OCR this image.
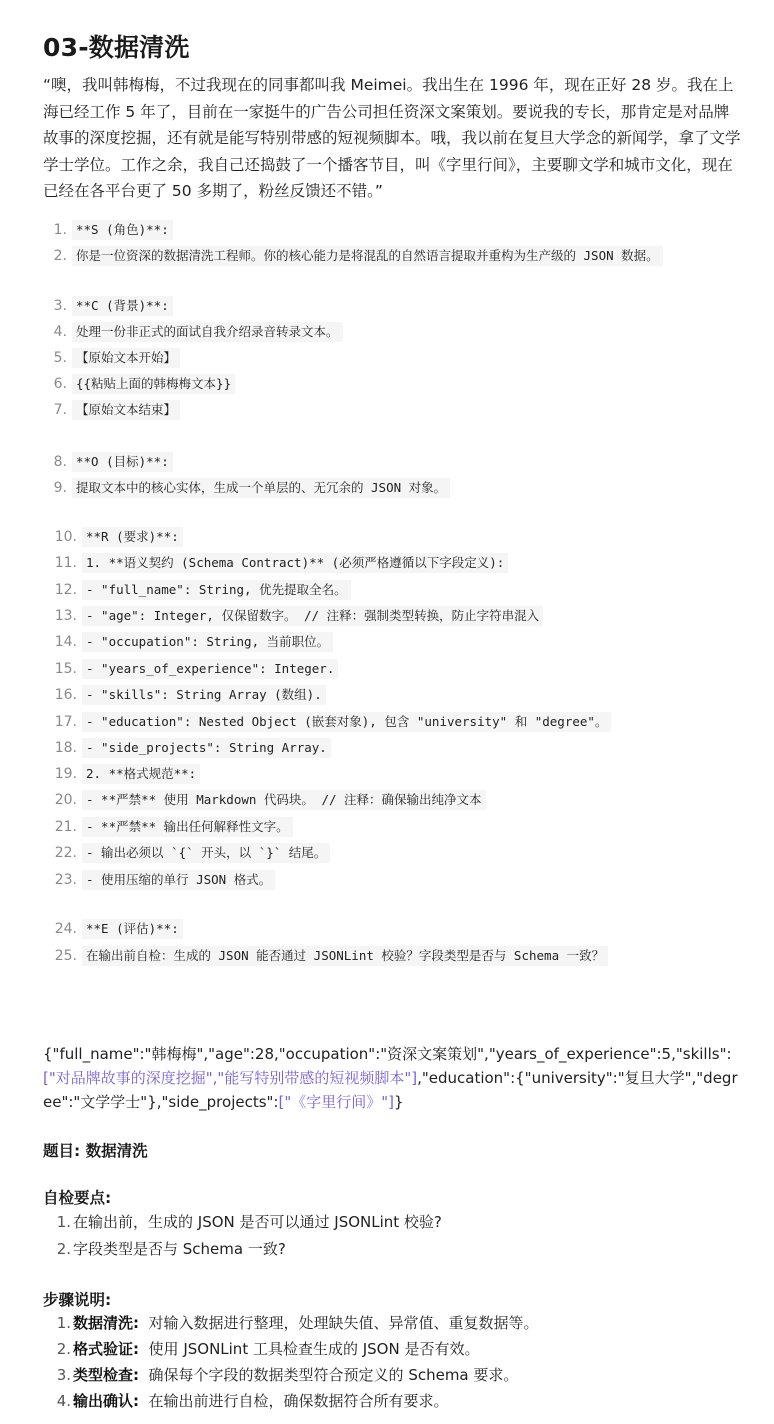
03-数据清洗
“噢，我叫韩梅梅，不过我现在的同事都叫我 Meimei。我出生在 1996 年，现在正好 28 岁。我在上海已经工作 5 年了，目前在一家挺牛的广告公司担任资深文案策划。要说我的专长，那肯定是对品牌故事的深度挖掘，还有就是能写特别带感的短视频脚本。哦，我以前在复旦大学念的新闻学，拿了文学学士学位。工作之余，我自己还捣鼓了一个播客节目，叫《字里行间》，主要聊文学和城市文化，现在已经在各平台更了 50 多期了，粉丝反馈还不错。”
1. **S (角色)**:
2. 你是一位资深的数据清洗工程师。你的核心能力是将混乱的自然语言提取并重构为生产级的 JSON 数据。
3. **C (背景)**:
4. 处理一份非正式的面试自我介绍录音转录文本。
5. 【原始文本开始】
6. {{粘贴上面的韩梅梅文本}}
7. 【原始文本结束】
8. **O (目标)**:
9. 提取文本中的核心实体，生成一个单层的、无冗余的 JSON 对象。
10. **R (要求)**:
11. 1. **语义契约 (Schema Contract)** (必须严格遵循以下字段定义):
12. - "full_name": String, 优先提取全名。
13. - "age": Integer, 仅保留数字。 // 注释：强制类型转换，防止字符串混入
14. - "occupation": String, 当前职位。
15. - "years_of_experience": Integer.
16. - "skills": String Array (数组).
17. - "education": Nested Object (嵌套对象), 包含 "university" 和 "degree"。
18. - "side_projects": String Array.
19. 2. **格式规范**:
20. - **严禁** 使用 Markdown 代码块。 // 注释：确保输出纯净文本
21. - **严禁** 输出任何解释性文字。
22. - 输出必须以 `{` 开头，以 `}` 结尾。
23. - 使用压缩的单行 JSON 格式。
24. **E (评估)**:
25. 在输出前自检：生成的 JSON 能否通过 JSONLint 校验？字段类型是否与 Schema 一致？
{"full_name":"韩梅梅","age":28,"occupation":"资深文案策划","years_of_experience":5,"skills":["对品牌故事的深度挖掘","能写特别带感的短视频脚本"],"education":{"university":"复旦大学","degree":"文学学士"},"side_projects":["《字里行间》"]}
题目: 数据清洗
自检要点:
1. 在输出前，生成的 JSON 是否可以通过 JSONLint 校验?
2. 字段类型是否与 Schema 一致?
步骤说明:
1. 数据清洗: 对输入数据进行整理，处理缺失值、异常值、重复数据等。
2. 格式验证: 使用 JSONLint 工具检查生成的 JSON 是否有效。
3. 类型检查: 确保每个字段的数据类型符合预定义的 Schema 要求。
4. 输出确认: 在输出前进行自检，确保数据符合所有要求。
